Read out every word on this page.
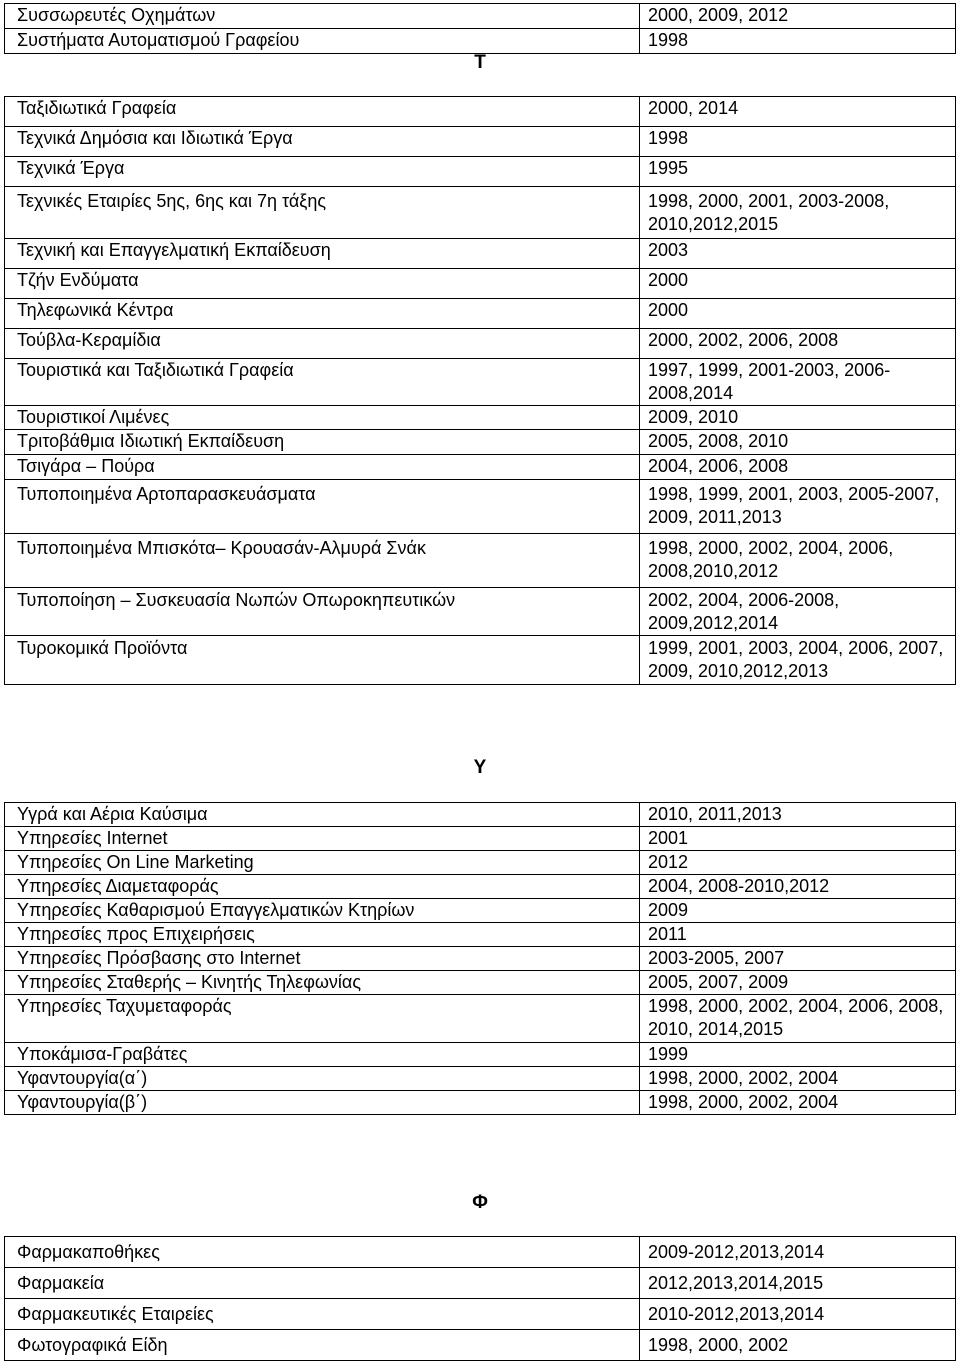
Συσσωρευτές Οχημάτων	2000, 2009, 2012
Συστήματα Αυτοματισμού Γραφείου	1998
Τ
Ταξιδιωτικά Γραφεία	2000, 2014
Τεχνικά Δημόσια και Ιδιωτικά Έργα	1998
Τεχνικά Έργα	1995
Τεχνικές Εταιρίες 5ης, 6ης και 7η τάξης	1998, 2000, 2001, 2003-2008, 2010,2012,2015
Τεχνική και Επαγγελματική Εκπαίδευση	2003
Τζήν Ενδύματα	2000
Τηλεφωνικά Κέντρα	2000
Τούβλα-Κεραμίδια	2000, 2002, 2006, 2008
Τουριστικά και Ταξιδιωτικά Γραφεία	1997, 1999, 2001-2003, 2006-2008,2014
Τουριστικοί Λιμένες	2009, 2010
Τριτοβάθμια Ιδιωτική Εκπαίδευση	2005, 2008, 2010
Τσιγάρα – Πούρα	2004, 2006, 2008
Τυποποιημένα Αρτοπαρασκευάσματα	1998, 1999, 2001, 2003, 2005-2007, 2009, 2011,2013
Τυποποιημένα Μπισκότα– Κρουασάν-Αλμυρά Σνάκ	1998, 2000, 2002, 2004, 2006, 2008,2010,2012
Τυποποίηση – Συσκευασία Νωπών Οπωροκηπευτικών	2002, 2004, 2006-2008, 2009,2012,2014
Τυροκομικά Προϊόντα	1999, 2001, 2003, 2004, 2006, 2007, 2009, 2010,2012,2013
Υ
Υγρά και Αέρια Καύσιμα	2010, 2011,2013
Υπηρεσίες Internet	2001
Υπηρεσίες On Line Marketing	2012
Υπηρεσίες Διαμεταφοράς	2004, 2008-2010,2012
Υπηρεσίες Καθαρισμού Επαγγελματικών Κτηρίων	2009
Υπηρεσίες προς Επιχειρήσεις	2011
Υπηρεσίες Πρόσβασης στο Internet	2003-2005, 2007
Υπηρεσίες Σταθερής – Κινητής Τηλεφωνίας	2005, 2007, 2009
Υπηρεσίες Ταχυμεταφοράς	1998, 2000, 2002, 2004, 2006, 2008, 2010, 2014,2015
Υποκάμισα-Γραβάτες	1999
Υφαντουργία(α΄)	1998, 2000, 2002, 2004
Υφαντουργία(β΄)	1998, 2000, 2002, 2004
Φ
Φαρμακαποθήκες	2009-2012,2013,2014
Φαρμακεία	2012,2013,2014,2015
Φαρμακευτικές Εταιρείες	2010-2012,2013,2014
Φωτογραφικά Είδη	1998, 2000, 2002
